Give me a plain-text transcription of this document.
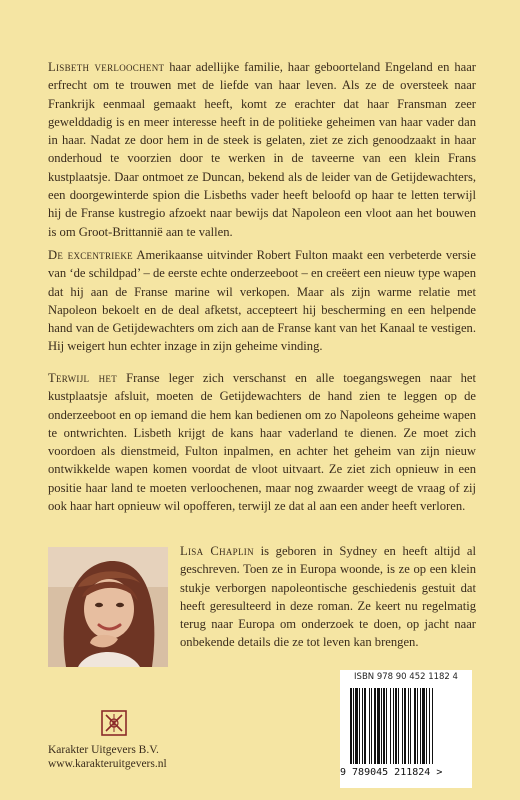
Lisbeth verloochent haar adellijke familie, haar geboorteland Engeland en haar erfrecht om te trouwen met de liefde van haar leven. Als ze de oversteek naar Frankrijk eenmaal gemaakt heeft, komt ze erachter dat haar Fransman zeer gewelddadig is en meer interesse heeft in de politieke geheimen van haar vader dan in haar. Nadat ze door hem in de steek is gelaten, ziet ze zich genoodzaakt in haar onderhoud te voorzien door te werken in de taveerne van een klein Frans kustplaatsje. Daar ontmoet ze Duncan, bekend als de leider van de Getijdewachters, een doorgewinterde spion die Lisbeths vader heeft beloofd op haar te letten terwijl hij de Franse kustregio afzoekt naar bewijs dat Napoleon een vloot aan het bouwen is om Groot-Brittannië aan te vallen.

De excentrieke Amerikaanse uitvinder Robert Fulton maakt een verbeterde versie van ‘de schildpad’ – de eerste echte onderzeeboot – en creëert een nieuw type wapen dat hij aan de Franse marine wil verkopen. Maar als zijn warme relatie met Napoleon bekoelt en de deal afketst, accepteert hij bescherming en een helpende hand van de Getijdewachters om zich aan de Franse kant van het Kanaal te vestigen. Hij weigert hun echter inzage in zijn geheime vinding.

Terwijl het Franse leger zich verschanst en alle toegangswegen naar het kustplaatsje afsluit, moeten de Getijdewachters de hand zien te leggen op de onderzeeboot en op iemand die hem kan bedienen om zo Napoleons geheime wapen te ontwrichten. Lisbeth krijgt de kans haar vaderland te dienen. Ze moet zich voordoen als dienstmeid, Fulton inpalmen, en achter het geheim van zijn nieuw ontwikkelde wapen komen voordat de vloot uitvaart. Ze ziet zich opnieuw in een positie haar land te moeten verloochenen, maar nog zwaarder weegt de vraag of zij ook haar hart opnieuw wil opofferen, terwijl ze dat al aan een ander heeft verloren.

Lisa Chaplin is geboren in Sydney en heeft altijd al geschreven. Toen ze in Europa woonde, is ze op een klein stukje verborgen napoleontische geschiedenis gestuit dat heeft geresulteerd in deze roman. Ze keert nu regelmatig terug naar Europa om onderzoek te doen, op jacht naar onbekende details die ze tot leven kan brengen.

Karakter Uitgevers B.V.
www.karakteruitgevers.nl
ISBN 978 90 452 1182 4
9 789045 211824 >
